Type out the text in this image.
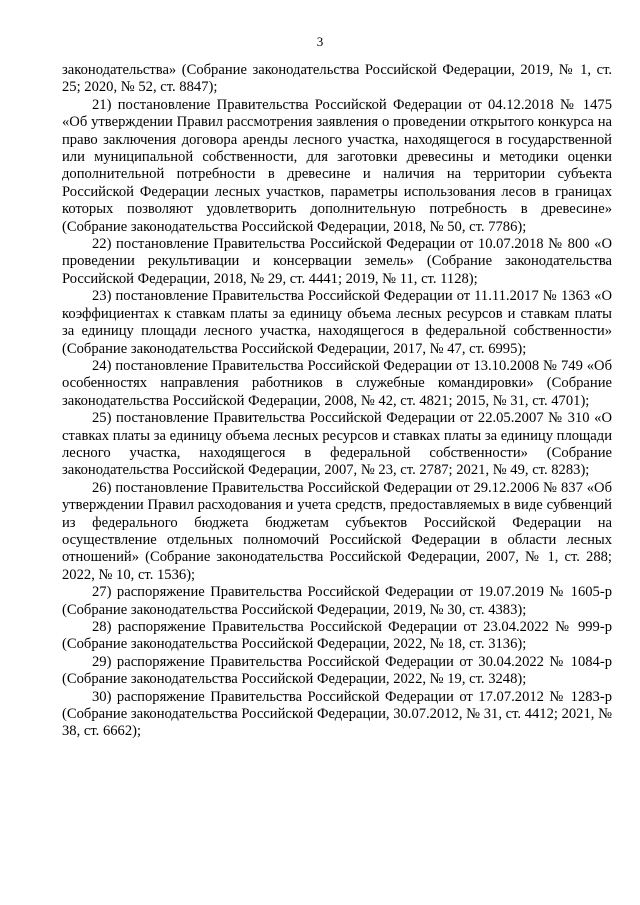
3

законодательства» (Собрание законодательства Российской Федерации, 2019, № 1, ст. 25; 2020, № 52, ст. 8847);

21) постановление Правительства Российской Федерации от 04.12.2018 № 1475 «Об утверждении Правил рассмотрения заявления о проведении открытого конкурса на право заключения договора аренды лесного участка, находящегося в государственной или муниципальной собственности, для заготовки древесины и методики оценки дополнительной потребности в древесине и наличия на территории субъекта Российской Федерации лесных участков, параметры использования лесов в границах которых позволяют удовлетворить дополнительную потребность в древесине» (Собрание законодательства Российской Федерации, 2018, № 50, ст. 7786);

22) постановление Правительства Российской Федерации от 10.07.2018 № 800 «О проведении рекультивации и консервации земель» (Собрание законодательства Российской Федерации, 2018, № 29, ст. 4441; 2019, № 11, ст. 1128);

23) постановление Правительства Российской Федерации от 11.11.2017 № 1363 «О коэффициентах к ставкам платы за единицу объема лесных ресурсов и ставкам платы за единицу площади лесного участка, находящегося в федеральной собственности» (Собрание законодательства Российской Федерации, 2017, № 47, ст. 6995);

24) постановление Правительства Российской Федерации от 13.10.2008 № 749 «Об особенностях направления работников в служебные командировки» (Собрание законодательства Российской Федерации, 2008, № 42, ст. 4821; 2015, № 31, ст. 4701);

25) постановление Правительства Российской Федерации от 22.05.2007 № 310 «О ставках платы за единицу объема лесных ресурсов и ставках платы за единицу площади лесного участка, находящегося в федеральной собственности» (Собрание законодательства Российской Федерации, 2007, № 23, ст. 2787; 2021, № 49, ст. 8283);

26) постановление Правительства Российской Федерации от 29.12.2006 № 837 «Об утверждении Правил расходования и учета средств, предоставляемых в виде субвенций из федерального бюджета бюджетам субъектов Российской Федерации на осуществление отдельных полномочий Российской Федерации в области лесных отношений» (Собрание законодательства Российской Федерации, 2007, № 1, ст. 288; 2022, № 10, ст. 1536);

27) распоряжение Правительства Российской Федерации от 19.07.2019 № 1605-р (Собрание законодательства Российской Федерации, 2019, № 30, ст. 4383);

28) распоряжение Правительства Российской Федерации от 23.04.2022 № 999-р (Собрание законодательства Российской Федерации, 2022, № 18, ст. 3136);

29) распоряжение Правительства Российской Федерации от 30.04.2022 № 1084-р (Собрание законодательства Российской Федерации, 2022, № 19, ст. 3248);

30) распоряжение Правительства Российской Федерации от 17.07.2012 № 1283-р (Собрание законодательства Российской Федерации, 30.07.2012, № 31, ст. 4412; 2021, № 38, ст. 6662);
